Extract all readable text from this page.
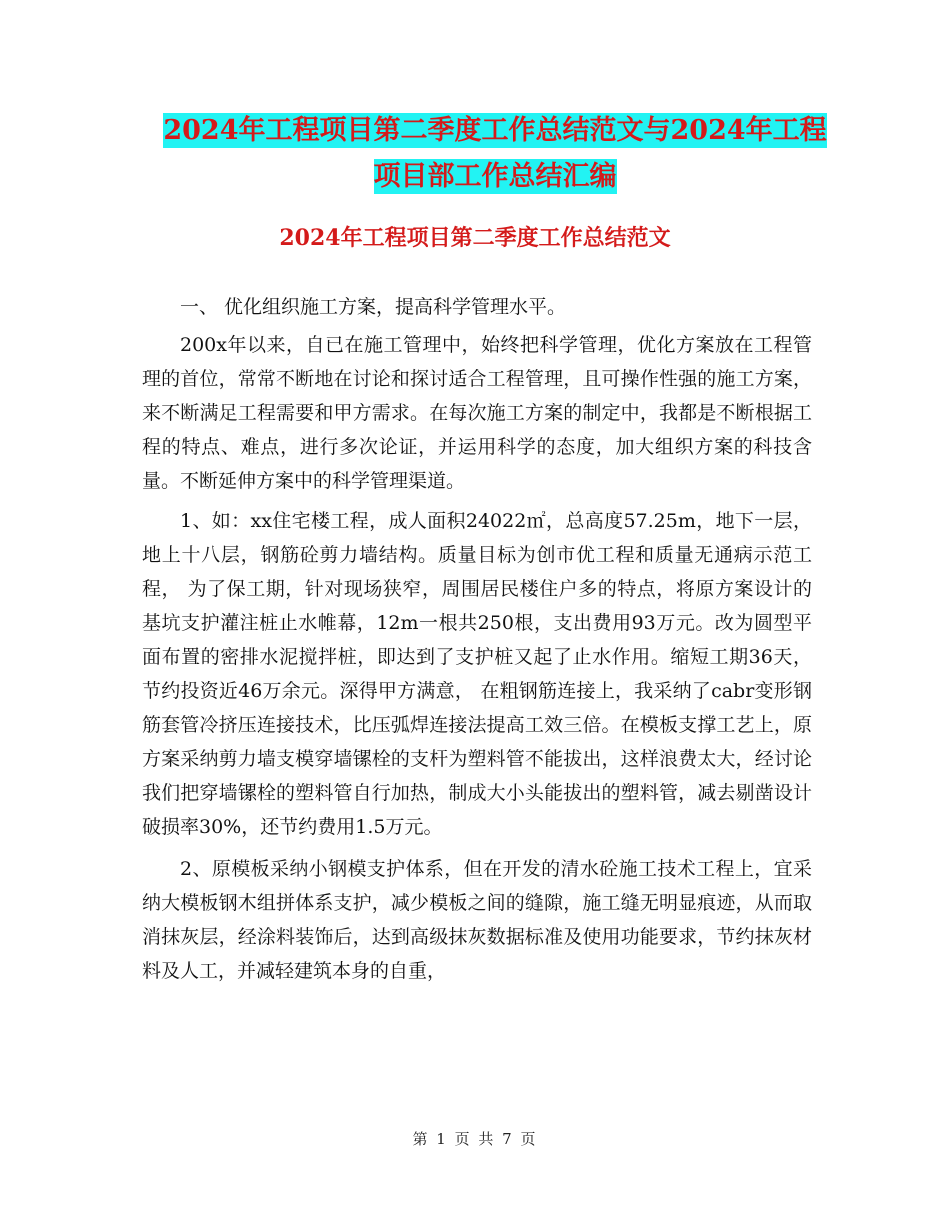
2024年工程项目第二季度工作总结范文与2024年工程
项目部工作总结汇编
2024年工程项目第二季度工作总结范文

一、 优化组织施工方案，提高科学管理水平。

200x年以来，自已在施工管理中，始终把科学管理，优化方案放在工程管理的首位，常常不断地在讨论和探讨适合工程管理，且可操作性强的施工方案，来不断满足工程需要和甲方需求。在每次施工方案的制定中，我都是不断根据工程的特点、难点，进行多次论证，并运用科学的态度，加大组织方案的科技含量。不断延伸方案中的科学管理渠道。

1、如：xx住宅楼工程，成人面积24022㎡，总高度57.25m，地下一层，地上十八层，钢筋砼剪力墙结构。质量目标为创市优工程和质量无通病示范工程， 为了保工期，针对现场狭窄，周围居民楼住户多的特点，将原方案设计的基坑支护灌注桩止水帷幕，12m一根共250根，支出费用93万元。改为圆型平面布置的密排水泥搅拌桩，即达到了支护桩又起了止水作用。缩短工期36天，节约投资近46万余元。深得甲方满意， 在粗钢筋连接上，我采纳了cabr变形钢筋套管冷挤压连接技术，比压弧焊连接法提高工效三倍。在模板支撑工艺上，原方案采纳剪力墙支模穿墙镙栓的支杆为塑料管不能拔出，这样浪费太大，经讨论我们把穿墙镙栓的塑料管自行加热，制成大小头能拔出的塑料管，减去剔凿设计破损率30%，还节约费用1.5万元。

2、原模板采纳小钢模支护体系，但在开发的清水砼施工技术工程上，宜采纳大模板钢木组拼体系支护，减少模板之间的缝隙，施工缝无明显痕迹，从而取消抹灰层，经涂料装饰后，达到高级抹灰数据标准及使用功能要求，节约抹灰材料及人工，并减轻建筑本身的自重，

第 1 页 共 7 页
